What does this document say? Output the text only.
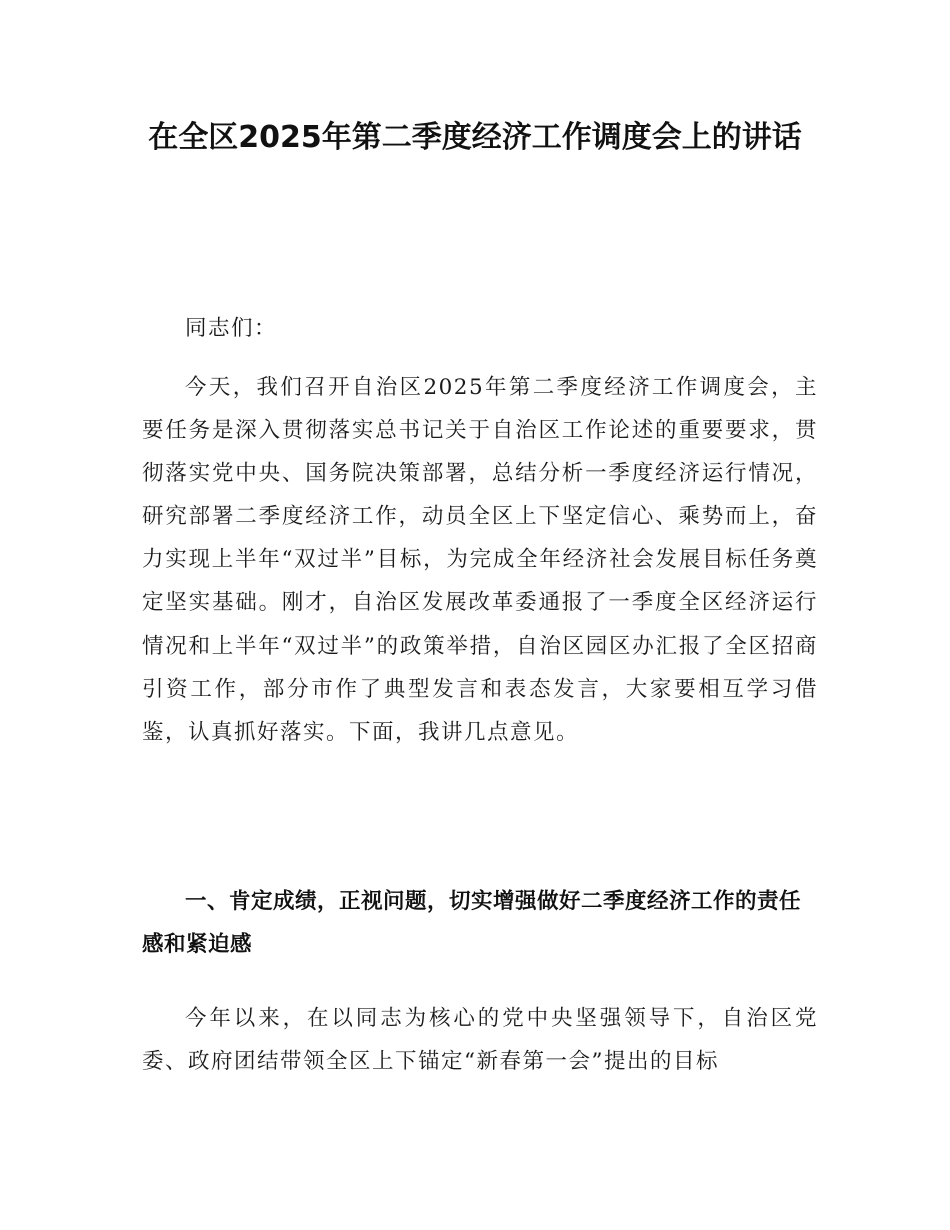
在全区2025年第二季度经济工作调度会上的讲话

同志们：

今天，我们召开自治区2025年第二季度经济工作调度会，主要任务是深入贯彻落实总书记关于自治区工作论述的重要要求，贯彻落实党中央、国务院决策部署，总结分析一季度经济运行情况，研究部署二季度经济工作，动员全区上下坚定信心、乘势而上，奋力实现上半年“双过半”目标，为完成全年经济社会发展目标任务奠定坚实基础。刚才，自治区发展改革委通报了一季度全区经济运行情况和上半年“双过半”的政策举措，自治区园区办汇报了全区招商引资工作，部分市作了典型发言和表态发言，大家要相互学习借鉴，认真抓好落实。下面，我讲几点意见。

一、肯定成绩，正视问题，切实增强做好二季度经济工作的责任感和紧迫感

今年以来，在以同志为核心的党中央坚强领导下，自治区党委、政府团结带领全区上下锚定“新春第一会”提出的目标
